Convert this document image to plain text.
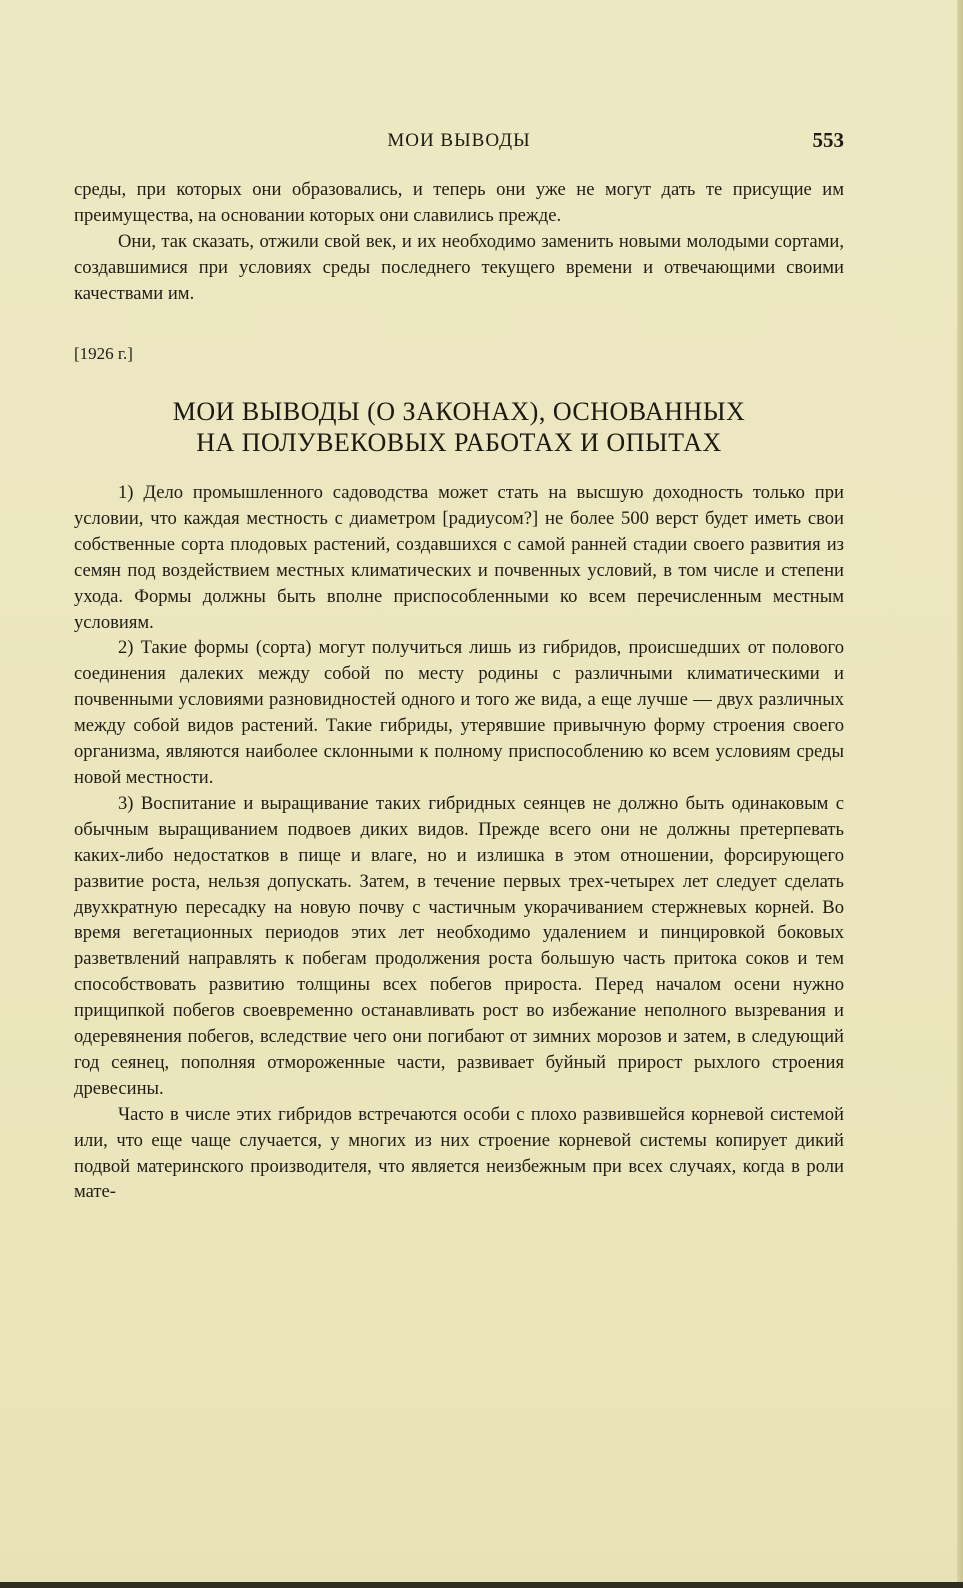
МОИ ВЫВОДЫ	553

среды, при которых они образовались, и теперь они уже не могут дать те присущие им преимущества, на основании которых они славились прежде.

Они, так сказать, отжили свой век, и их необходимо заменить новыми молодыми сортами, создавшимися при условиях среды последнего текущего времени и отвечающими своими качествами им.

[1926 г.]
МОИ ВЫВОДЫ (О ЗАКОНАХ), ОСНОВАННЫХ
НА ПОЛУВЕКОВЫХ РАБОТАХ И ОПЫТАХ

1) Дело промышленного садоводства может стать на высшую доходность только при условии, что каждая местность с диаметром [радиусом?] не более 500 верст будет иметь свои собственные сорта плодовых растений, создавшихся с самой ранней стадии своего развития из семян под воздействием местных климатических и почвенных условий, в том числе и степени ухода. Формы должны быть вполне приспособленными ко всем перечисленным местным условиям.

2) Такие формы (сорта) могут получиться лишь из гибридов, происшедших от полового соединения далеких между собой по месту родины с различными климатическими и почвенными условиями разновидностей одного и того же вида, а еще лучше — двух различных между собой видов растений. Такие гибриды, утерявшие привычную форму строения своего организма, являются наиболее склонными к полному приспособлению ко всем условиям среды новой местности.

3) Воспитание и выращивание таких гибридных сеянцев не должно быть одинаковым с обычным выращиванием подвоев диких видов. Прежде всего они не должны претерпевать каких-либо недостатков в пище и влаге, но и излишка в этом отношении, форсирующего развитие роста, нельзя допускать. Затем, в течение первых трех-четырех лет следует сделать двухкратную пересадку на новую почву с частичным укорачиванием стержневых корней. Во время вегетационных периодов этих лет необходимо удалением и пинцировкой боковых разветвлений направлять к побегам продолжения роста большую часть притока соков и тем способствовать развитию толщины всех побегов прироста. Перед началом осени нужно прищипкой побегов своевременно останавливать рост во избежание неполного вызревания и одеревянения побегов, вследствие чего они погибают от зимних морозов и затем, в следующий год сеянец, пополняя отмороженные части, развивает буйный прирост рыхлого строения древесины.

Часто в числе этих гибридов встречаются особи с плохо развившейся корневой системой или, что еще чаще случается, у многих из них строение корневой системы копирует дикий подвой материнского производителя, что является неизбежным при всех случаях, когда в роли мате-
